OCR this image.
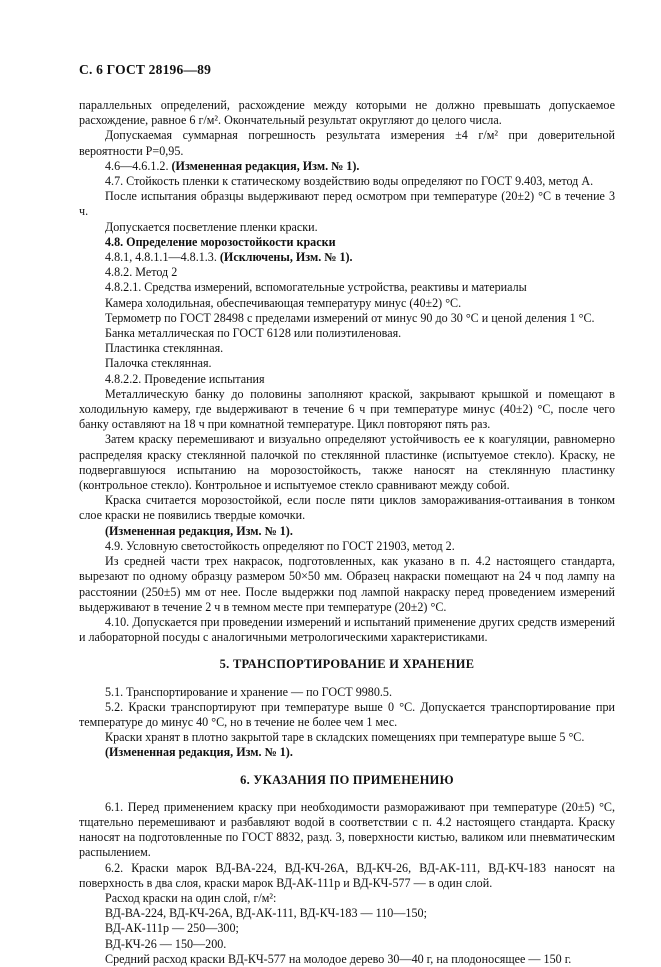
С. 6 ГОСТ 28196—89

параллельных определений, расхождение между которыми не должно превышать допускаемое расхождение, равное 6 г/м². Окончательный результат округляют до целого числа.

Допускаемая суммарная погрешность результата измерения ±4 г/м² при доверительной вероятности P=0,95.

4.6—4.6.1.2. (Измененная редакция, Изм. № 1).

4.7. Стойкость пленки к статическому воздействию воды определяют по ГОСТ 9.403, метод А.

После испытания образцы выдерживают перед осмотром при температуре (20±2) °С в течение 3 ч.

Допускается посветление пленки краски.

4.8. Определение морозостойкости краски

4.8.1, 4.8.1.1—4.8.1.3. (Исключены, Изм. № 1).

4.8.2. Метод 2

4.8.2.1. Средства измерений, вспомогательные устройства, реактивы и материалы

Камера холодильная, обеспечивающая температуру минус (40±2) °С.

Термометр по ГОСТ 28498 с пределами измерений от минус 90 до 30 °С и ценой деления 1 °С.

Банка металлическая по ГОСТ 6128 или полиэтиленовая.

Пластинка стеклянная.

Палочка стеклянная.

4.8.2.2. Проведение испытания

Металлическую банку до половины заполняют краской, закрывают крышкой и помещают в холодильную камеру, где выдерживают в течение 6 ч при температуре минус (40±2) °С, после чего банку оставляют на 18 ч при комнатной температуре. Цикл повторяют пять раз.

Затем краску перемешивают и визуально определяют устойчивость ее к коагуляции, равномерно распределяя краску стеклянной палочкой по стеклянной пластинке (испытуемое стекло). Краску, не подвергавшуюся испытанию на морозостойкость, также наносят на стеклянную пластинку (контрольное стекло). Контрольное и испытуемое стекло сравнивают между собой.

Краска считается морозостойкой, если после пяти циклов замораживания-оттаивания в тонком слое краски не появились твердые комочки.

(Измененная редакция, Изм. № 1).

4.9. Условную светостойкость определяют по ГОСТ 21903, метод 2.

Из средней части трех накрасок, подготовленных, как указано в п. 4.2 настоящего стандарта, вырезают по одному образцу размером 50×50 мм. Образец накраски помещают на 24 ч под лампу на расстоянии (250±5) мм от нее. После выдержки под лампой накраску перед проведением измерений выдерживают в течение 2 ч в темном месте при температуре (20±2) °С.

4.10. Допускается при проведении измерений и испытаний применение других средств измерений и лабораторной посуды с аналогичными метрологическими характеристиками.

5. ТРАНСПОРТИРОВАНИЕ И ХРАНЕНИЕ

5.1. Транспортирование и хранение — по ГОСТ 9980.5.

5.2. Краски транспортируют при температуре выше 0 °С. Допускается транспортирование при температуре до минус 40 °С, но в течение не более чем 1 мес.

Краски хранят в плотно закрытой таре в складских помещениях при температуре выше 5 °С.

(Измененная редакция, Изм. № 1).

6. УКАЗАНИЯ ПО ПРИМЕНЕНИЮ

6.1. Перед применением краску при необходимости размораживают при температуре (20±5) °С, тщательно перемешивают и разбавляют водой в соответствии с п. 4.2 настоящего стандарта. Краску наносят на подготовленные по ГОСТ 8832, разд. 3, поверхности кистью, валиком или пневматическим распылением.

6.2. Краски марок ВД-ВА-224, ВД-КЧ-26А, ВД-КЧ-26, ВД-АК-111, ВД-КЧ-183 наносят на поверхность в два слоя, краски марок ВД-АК-111р и ВД-КЧ-577 — в один слой.

Расход краски на один слой, г/м²:

ВД-ВА-224, ВД-КЧ-26А, ВД-АК-111, ВД-КЧ-183 — 110—150;

ВД-АК-111р — 250—300;

ВД-КЧ-26 — 150—200.

Средний расход краски ВД-КЧ-577 на молодое дерево 30—40 г, на плодоносящее — 150 г.
